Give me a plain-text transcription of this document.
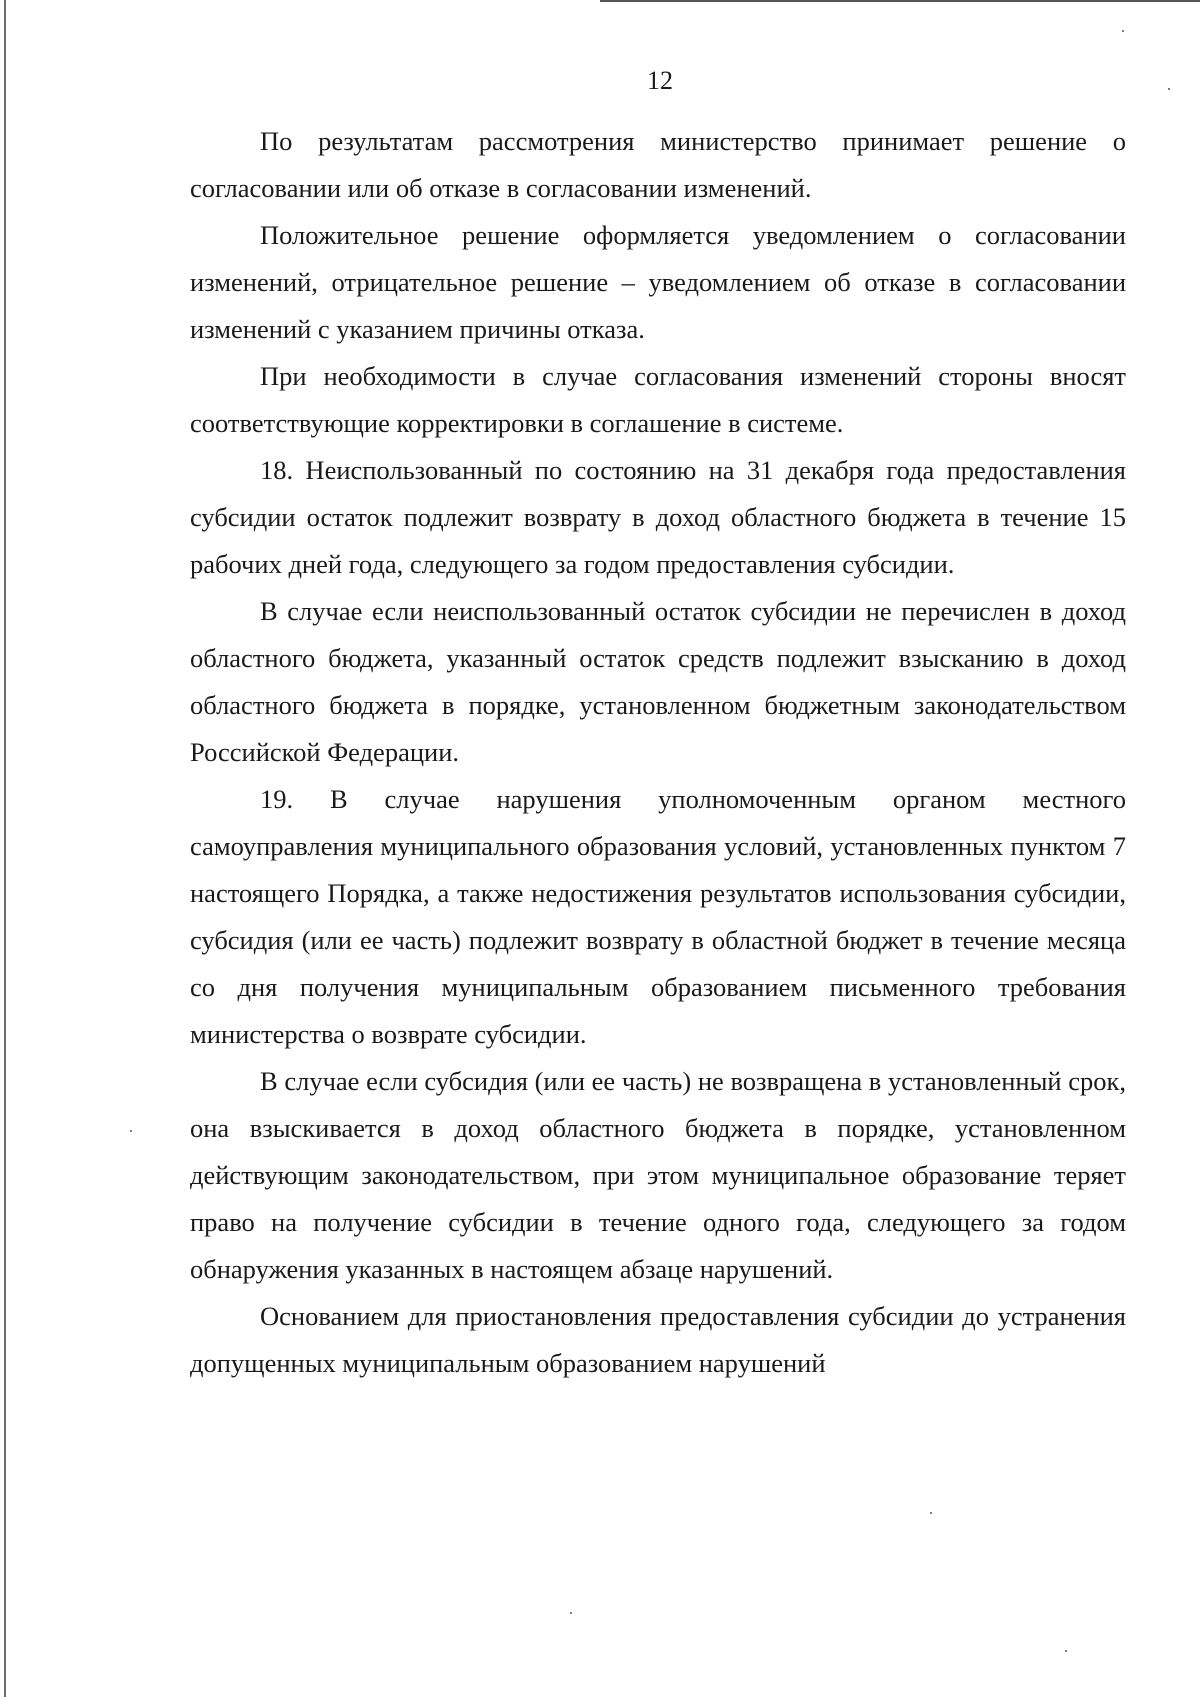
12

По результатам рассмотрения министерство принимает решение о согласовании или об отказе в согласовании изменений.

Положительное решение оформляется уведомлением о согласовании изменений, отрицательное решение – уведомлением об отказе в согласовании изменений с указанием причины отказа.

При необходимости в случае согласования изменений стороны вносят соответствующие корректировки в соглашение в системе.

18. Неиспользованный по состоянию на 31 декабря года предоставления субсидии остаток подлежит возврату в доход областного бюджета в течение 15 рабочих дней года, следующего за годом предоставления субсидии.

В случае если неиспользованный остаток субсидии не перечислен в доход областного бюджета, указанный остаток средств подлежит взысканию в доход областного бюджета в порядке, установленном бюджетным законодательством Российской Федерации.

19. В случае нарушения уполномоченным органом местного самоуправления муниципального образования условий, установленных пунктом 7 настоящего Порядка, а также недостижения результатов использования субсидии, субсидия (или ее часть) подлежит возврату в областной бюджет в течение месяца со дня получения муниципальным образованием письменного требования министерства о возврате субсидии.

В случае если субсидия (или ее часть) не возвращена в установленный срок, она взыскивается в доход областного бюджета в порядке, установленном действующим законодательством, при этом муниципальное образование теряет право на получение субсидии в течение одного года, следующего за годом обнаружения указанных в настоящем абзаце нарушений.

Основанием для приостановления предоставления субсидии до устранения допущенных муниципальным образованием нарушений
